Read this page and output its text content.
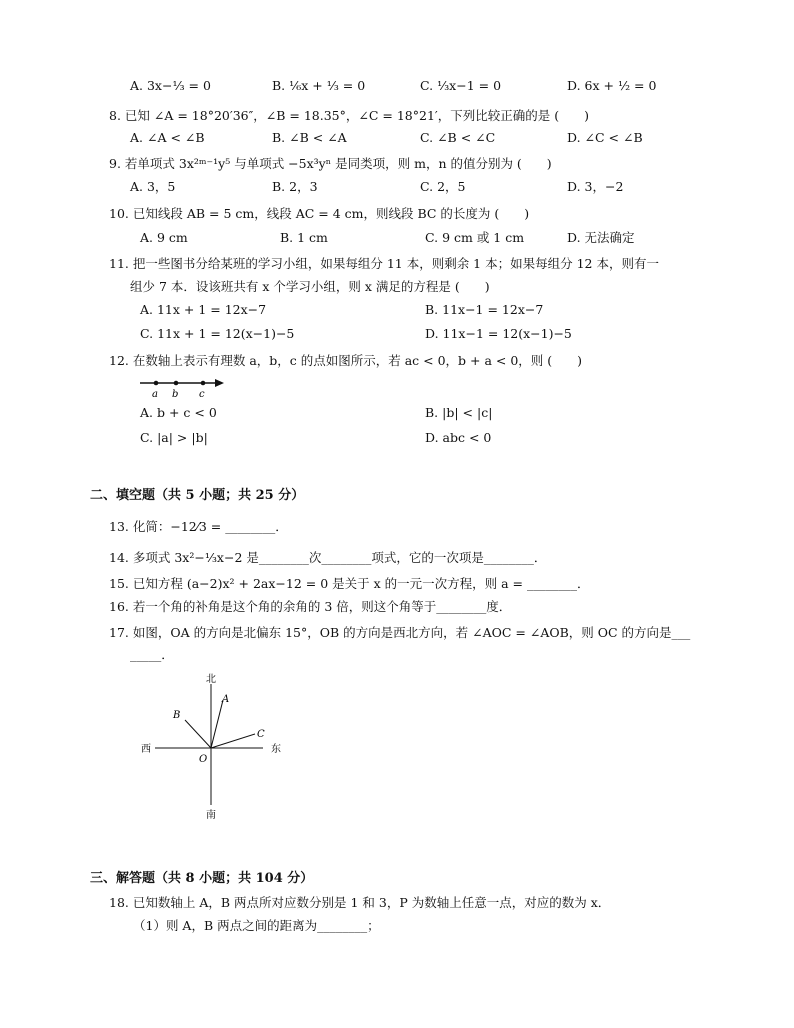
A. 3x−⅓ = 0	B. ⅙x + ⅓ = 0	C. ⅓x−1 = 0	D. 6x + ½ = 0
8. 已知 ∠A = 18°20′36″，∠B = 18.35°，∠C = 18°21′，下列比较正确的是 (　　)
A. ∠A < ∠B	B. ∠B < ∠A	C. ∠B < ∠C	D. ∠C < ∠B
9. 若单项式 3x²ᵐ⁻¹y⁵ 与单项式 −5x³yⁿ 是同类项，则 m，n 的值分别为 (　　)
A. 3，5	B. 2，3	C. 2，5	D. 3，−2
10. 已知线段 AB = 5 cm，线段 AC = 4 cm，则线段 BC 的长度为 (　　)
A. 9 cm	B. 1 cm	C. 9 cm 或 1 cm	D. 无法确定
11. 把一些图书分给某班的学习小组，如果每组分 11 本，则剩余 1 本；如果每组分 12 本，则有一
组少 7 本．设该班共有 x 个学习小组，则 x 满足的方程是 (　　)
A. 11x + 1 = 12x−7	B. 11x−1 = 12x−7
C. 11x + 1 = 12(x−1)−5	D. 11x−1 = 12(x−1)−5
12. 在数轴上表示有理数 a，b，c 的点如图所示，若 ac < 0，b + a < 0，则 (　　)
a b c
A. b + c < 0	B. |b| < |c|
C. |a| > |b|	D. abc < 0
二、填空题（共 5 小题；共 25 分）
13. 化简：−12⁄3 = ________．
14. 多项式 3x²−⅓x−2 是________次________项式，它的一次项是________．
15. 已知方程 (a−2)x² + 2ax−12 = 0 是关于 x 的一元一次方程，则 a = ________．
16. 若一个角的补角是这个角的余角的 3 倍，则这个角等于________度．
17. 如图，OA 的方向是北偏东 15°，OB 的方向是西北方向，若 ∠AOC = ∠AOB，则 OC 的方向是___
_____．
北
南
东
西
O
A
B
C
三、解答题（共 8 小题；共 104 分）
18. 已知数轴上 A，B 两点所对应数分别是 1 和 3，P 为数轴上任意一点，对应的数为 x．
（1）则 A，B 两点之间的距离为________；
